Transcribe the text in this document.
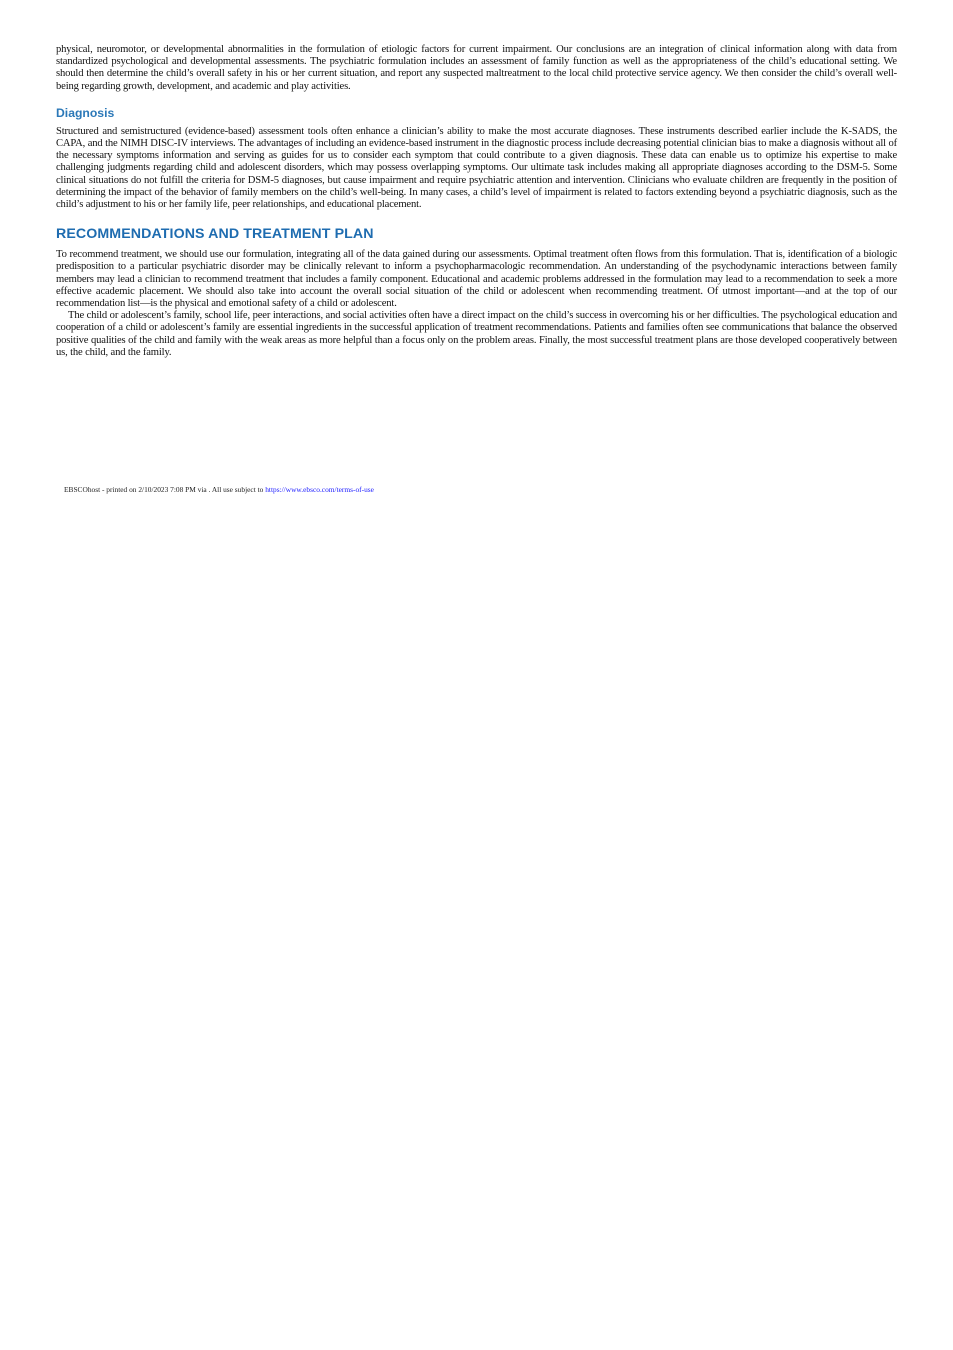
physical, neuromotor, or developmental abnormalities in the formulation of etiologic factors for current impairment. Our conclusions are an integration of clinical information along with data from standardized psychological and developmental assessments. The psychiatric formulation includes an assessment of family function as well as the appropriateness of the child’s educational setting. We should then determine the child’s overall safety in his or her current situation, and report any suspected maltreatment to the local child protective service agency. We then consider the child’s overall well-being regarding growth, development, and academic and play activities.

Diagnosis

Structured and semistructured (evidence-based) assessment tools often enhance a clinician’s ability to make the most accurate diagnoses. These instruments described earlier include the K-SADS, the CAPA, and the NIMH DISC-IV interviews. The advantages of including an evidence-based instrument in the diagnostic process include decreasing potential clinician bias to make a diagnosis without all of the necessary symptoms information and serving as guides for us to consider each symptom that could contribute to a given diagnosis. These data can enable us to optimize his expertise to make challenging judgments regarding child and adolescent disorders, which may possess overlapping symptoms. Our ultimate task includes making all appropriate diagnoses according to the DSM-5. Some clinical situations do not fulfill the criteria for DSM-5 diagnoses, but cause impairment and require psychiatric attention and intervention. Clinicians who evaluate children are frequently in the position of determining the impact of the behavior of family members on the child’s well-being. In many cases, a child’s level of impairment is related to factors extending beyond a psychiatric diagnosis, such as the child’s adjustment to his or her family life, peer relationships, and educational placement.

RECOMMENDATIONS AND TREATMENT PLAN

To recommend treatment, we should use our formulation, integrating all of the data gained during our assessments. Optimal treatment often flows from this formulation. That is, identification of a biologic predisposition to a particular psychiatric disorder may be clinically relevant to inform a psychopharmacologic recommendation. An understanding of the psychodynamic interactions between family members may lead a clinician to recommend treatment that includes a family component. Educational and academic problems addressed in the formulation may lead to a recommendation to seek a more effective academic placement. We should also take into account the overall social situation of the child or adolescent when recommending treatment. Of utmost important—and at the top of our recommendation list—is the physical and emotional safety of a child or adolescent.

The child or adolescent’s family, school life, peer interactions, and social activities often have a direct impact on the child’s success in overcoming his or her difficulties. The psychological education and cooperation of a child or adolescent’s family are essential ingredients in the successful application of treatment recommendations. Patients and families often see communications that balance the observed positive qualities of the child and family with the weak areas as more helpful than a focus only on the problem areas. Finally, the most successful treatment plans are those developed cooperatively between us, the child, and the family.

EBSCOhost - printed on 2/10/2023 7:08 PM via . All use subject to https://www.ebsco.com/terms-of-use
